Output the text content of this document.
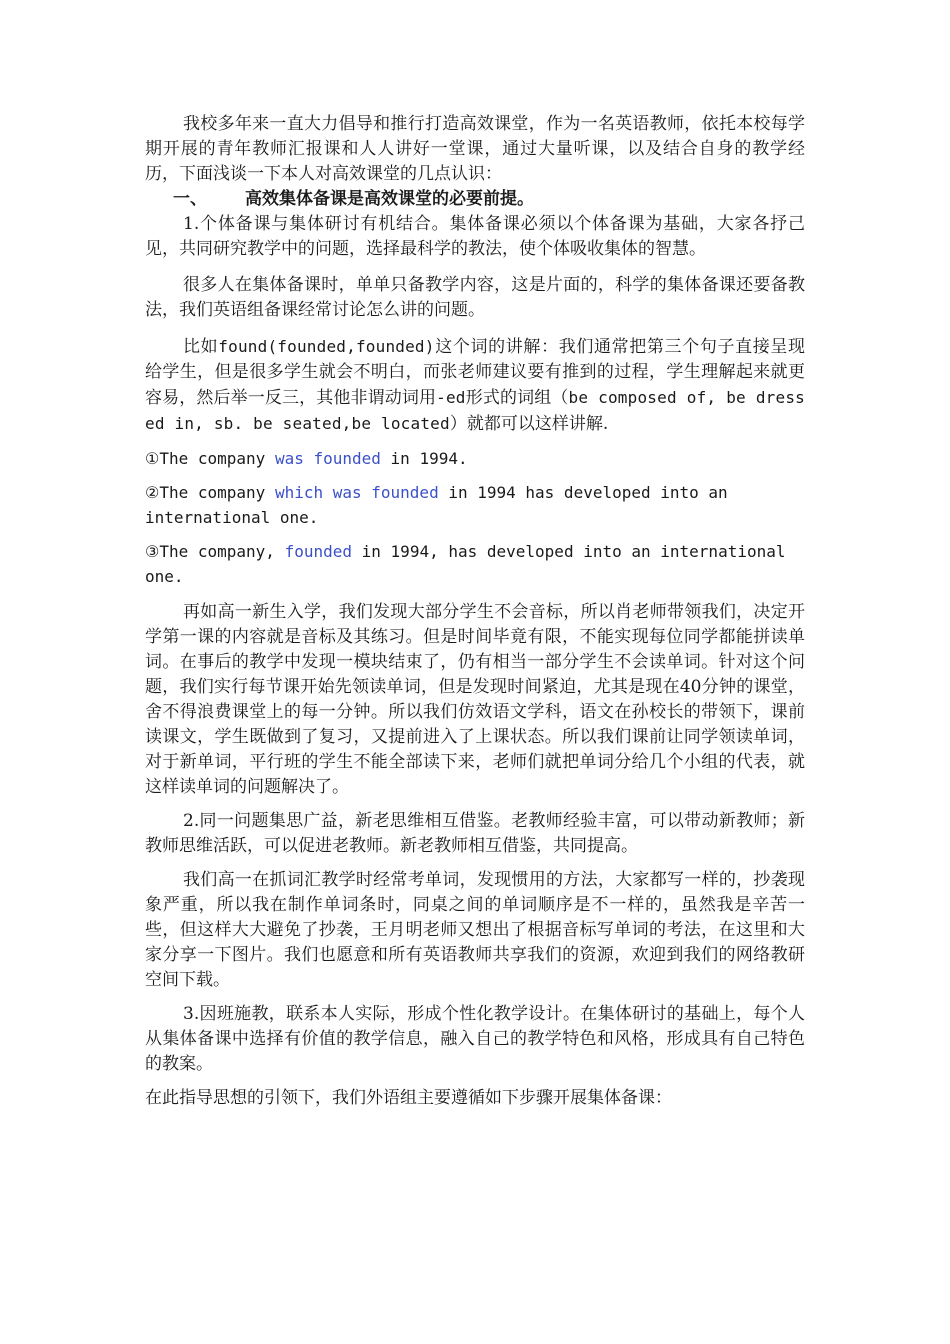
我校多年来一直大力倡导和推行打造高效课堂，作为一名英语教师，依托本校每学期开展的青年教师汇报课和人人讲好一堂课，通过大量听课，以及结合自身的教学经历，下面浅谈一下本人对高效课堂的几点认识：

一、 高效集体备课是高效课堂的必要前提。

1.个体备课与集体研讨有机结合。集体备课必须以个体备课为基础，大家各抒己见，共同研究教学中的问题，选择最科学的教法，使个体吸收集体的智慧。

很多人在集体备课时，单单只备教学内容，这是片面的，科学的集体备课还要备教法，我们英语组备课经常讨论怎么讲的问题。

比如found(founded,founded)这个词的讲解：我们通常把第三个句子直接呈现给学生，但是很多学生就会不明白，而张老师建议要有推到的过程，学生理解起来就更容易，然后举一反三，其他非谓动词用-ed形式的词组（be composed of, be dressed in, sb. be seated,be located）就都可以这样讲解.

①The company was founded in 1994.

②The company which was founded in 1994 has developed into an international one.

③The company, founded in 1994, has developed into an international one.

再如高一新生入学，我们发现大部分学生不会音标，所以肖老师带领我们，决定开学第一课的内容就是音标及其练习。但是时间毕竟有限，不能实现每位同学都能拼读单词。在事后的教学中发现一模块结束了，仍有相当一部分学生不会读单词。针对这个问题，我们实行每节课开始先领读单词，但是发现时间紧迫，尤其是现在40分钟的课堂，舍不得浪费课堂上的每一分钟。所以我们仿效语文学科，语文在孙校长的带领下，课前读课文，学生既做到了复习，又提前进入了上课状态。所以我们课前让同学领读单词，对于新单词，平行班的学生不能全部读下来，老师们就把单词分给几个小组的代表，就这样读单词的问题解决了。

2.同一问题集思广益，新老思维相互借鉴。老教师经验丰富，可以带动新教师；新教师思维活跃，可以促进老教师。新老教师相互借鉴，共同提高。

我们高一在抓词汇教学时经常考单词，发现惯用的方法，大家都写一样的，抄袭现象严重，所以我在制作单词条时，同桌之间的单词顺序是不一样的，虽然我是辛苦一些，但这样大大避免了抄袭，王月明老师又想出了根据音标写单词的考法，在这里和大家分享一下图片。我们也愿意和所有英语教师共享我们的资源，欢迎到我们的网络教研空间下载。

3.因班施教，联系本人实际，形成个性化教学设计。在集体研讨的基础上，每个人从集体备课中选择有价值的教学信息，融入自己的教学特色和风格，形成具有自己特色的教案。

在此指导思想的引领下，我们外语组主要遵循如下步骤开展集体备课：
